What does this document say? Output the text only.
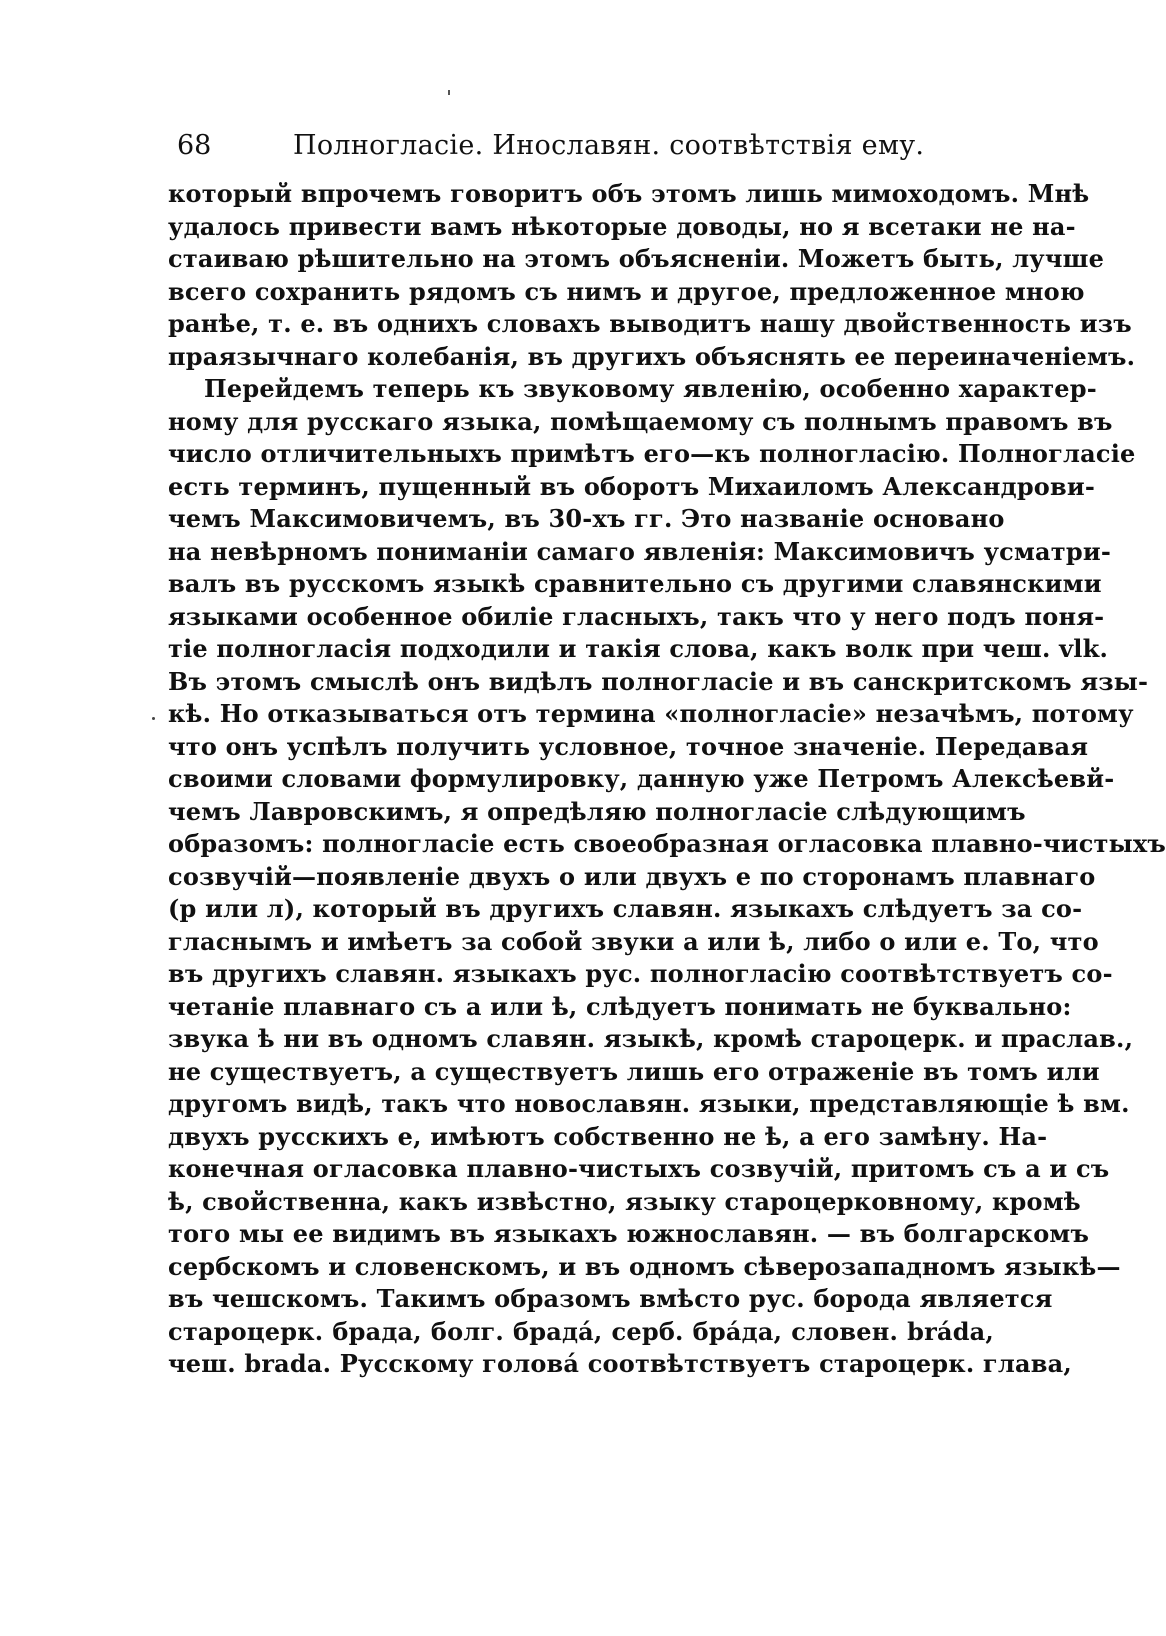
68	Полногласіе. Инославян. соотвѣтствія ему.
который впрочемъ говоритъ объ этомъ лишь мимоходомъ. Мнѣ
удалось привести вамъ нѣкоторые доводы, но я всетаки не на-
стаиваю рѣшительно на этомъ объясненіи. Можетъ быть, лучше
всего сохранить рядомъ съ нимъ и другое, предложенное мною
ранѣе, т. е. въ однихъ словахъ выводитъ нашу двойственность изъ
праязычнаго колебанія, въ другихъ объяснять ее переиначеніемъ.
Перейдемъ теперь къ звуковому явленію, особенно характер-
ному для русскаго языка, помѣщаемому съ полнымъ правомъ въ
число отличительныхъ примѣтъ его—къ полногласію. Полногласіе
есть терминъ, пущенный въ оборотъ Михаиломъ Александрови-
чемъ Максимовичемъ, въ 30-хъ гг. Это названіе основано
на невѣрномъ пониманіи самаго явленія: Максимовичъ усматри-
валъ въ русскомъ языкѣ сравнительно съ другими славянскими
языками особенное обиліе гласныхъ, такъ что у него подъ поня-
тіе полногласія подходили и такія слова, какъ волк при чеш. vlk.
Въ этомъ смыслѣ онъ видѣлъ полногласіе и въ санскритскомъ язы-
кѣ. Но отказываться отъ термина «полногласіе» незачѣмъ, потому
что онъ успѣлъ получить условное, точное значеніе. Передавая
своими словами формулировку, данную уже Петромъ Алексѣевй-
чемъ Лавровскимъ, я опредѣляю полногласіе слѣдующимъ
образомъ: полногласіе есть своеобразная огласовка плавно-чистыхъ
созвучій—появленіе двухъ о или двухъ е по сторонамъ плавнаго
(р или л), который въ другихъ славян. языкахъ слѣдуетъ за со-
гласнымъ и имѣетъ за собой звуки а или ѣ, либо о или е. То, что
въ другихъ славян. языкахъ рус. полногласію соотвѣтствуетъ со-
четаніе плавнаго съ а или ѣ, слѣдуетъ понимать не буквально:
звука ѣ ни въ одномъ славян. языкѣ, кромѣ староцерк. и праслав.,
не существуетъ, а существуетъ лишь его отраженіе въ томъ или
другомъ видѣ, такъ что новославян. языки, представляющіе ѣ вм.
двухъ русскихъ е, имѣютъ собственно не ѣ, а его замѣну. На-
конечная огласовка плавно-чистыхъ созвучій, притомъ съ а и съ
ѣ, свойственна, какъ извѣстно, языку староцерковному, кромѣ
того мы ее видимъ въ языкахъ южнославян. — въ болгарскомъ
сербскомъ и словенскомъ, и въ одномъ сѣверозападномъ языкѣ—
въ чешскомъ. Такимъ образомъ вмѣсто рус. борода является
староцерк. брада, болг. брада́, серб. бра́да, словен. bráda,
чеш. brada. Русскому голова́ соотвѣтствуетъ староцерк. глава,
